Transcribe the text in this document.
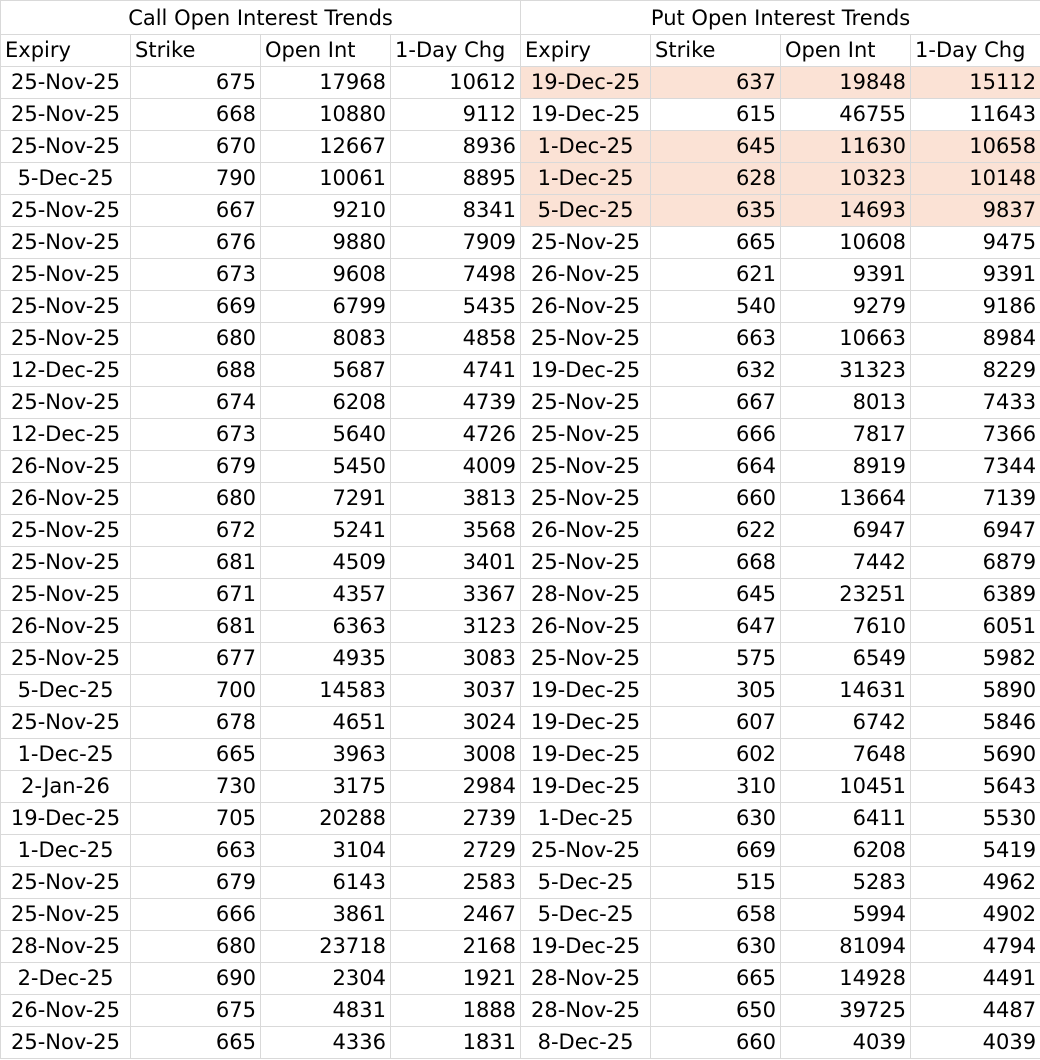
Call Open Interest Trends				Put Open Interest Trends			
Expiry	Strike	Open Int	1-Day Chg	Expiry	Strike	Open Int	1-Day Chg
25-Nov-25	675	17968	10612	19-Dec-25	637	19848	15112
25-Nov-25	668	10880	9112	19-Dec-25	615	46755	11643
25-Nov-25	670	12667	8936	1-Dec-25	645	11630	10658
5-Dec-25	790	10061	8895	1-Dec-25	628	10323	10148
25-Nov-25	667	9210	8341	5-Dec-25	635	14693	9837
25-Nov-25	676	9880	7909	25-Nov-25	665	10608	9475
25-Nov-25	673	9608	7498	26-Nov-25	621	9391	9391
25-Nov-25	669	6799	5435	26-Nov-25	540	9279	9186
25-Nov-25	680	8083	4858	25-Nov-25	663	10663	8984
12-Dec-25	688	5687	4741	19-Dec-25	632	31323	8229
25-Nov-25	674	6208	4739	25-Nov-25	667	8013	7433
12-Dec-25	673	5640	4726	25-Nov-25	666	7817	7366
26-Nov-25	679	5450	4009	25-Nov-25	664	8919	7344
26-Nov-25	680	7291	3813	25-Nov-25	660	13664	7139
25-Nov-25	672	5241	3568	26-Nov-25	622	6947	6947
25-Nov-25	681	4509	3401	25-Nov-25	668	7442	6879
25-Nov-25	671	4357	3367	28-Nov-25	645	23251	6389
26-Nov-25	681	6363	3123	26-Nov-25	647	7610	6051
25-Nov-25	677	4935	3083	25-Nov-25	575	6549	5982
5-Dec-25	700	14583	3037	19-Dec-25	305	14631	5890
25-Nov-25	678	4651	3024	19-Dec-25	607	6742	5846
1-Dec-25	665	3963	3008	19-Dec-25	602	7648	5690
2-Jan-26	730	3175	2984	19-Dec-25	310	10451	5643
19-Dec-25	705	20288	2739	1-Dec-25	630	6411	5530
1-Dec-25	663	3104	2729	25-Nov-25	669	6208	5419
25-Nov-25	679	6143	2583	5-Dec-25	515	5283	4962
25-Nov-25	666	3861	2467	5-Dec-25	658	5994	4902
28-Nov-25	680	23718	2168	19-Dec-25	630	81094	4794
2-Dec-25	690	2304	1921	28-Nov-25	665	14928	4491
26-Nov-25	675	4831	1888	28-Nov-25	650	39725	4487
25-Nov-25	665	4336	1831	8-Dec-25	660	4039	4039
